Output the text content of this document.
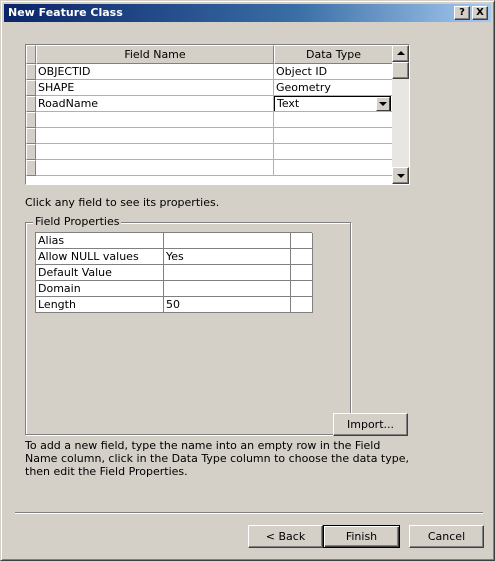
New Feature Class	?	X
Field Name	Data Type
OBJECTID	Object ID
SHAPE	Geometry
RoadName	Text
Click any field to see its properties.
Field Properties
Alias
Allow NULL values	Yes
Default Value
Domain
Length	50
Import...
To add a new field, type the name into an empty row in the Field Name column, click in the Data Type column to choose the data type, then edit the Field Properties.
< Back	Finish	Cancel
